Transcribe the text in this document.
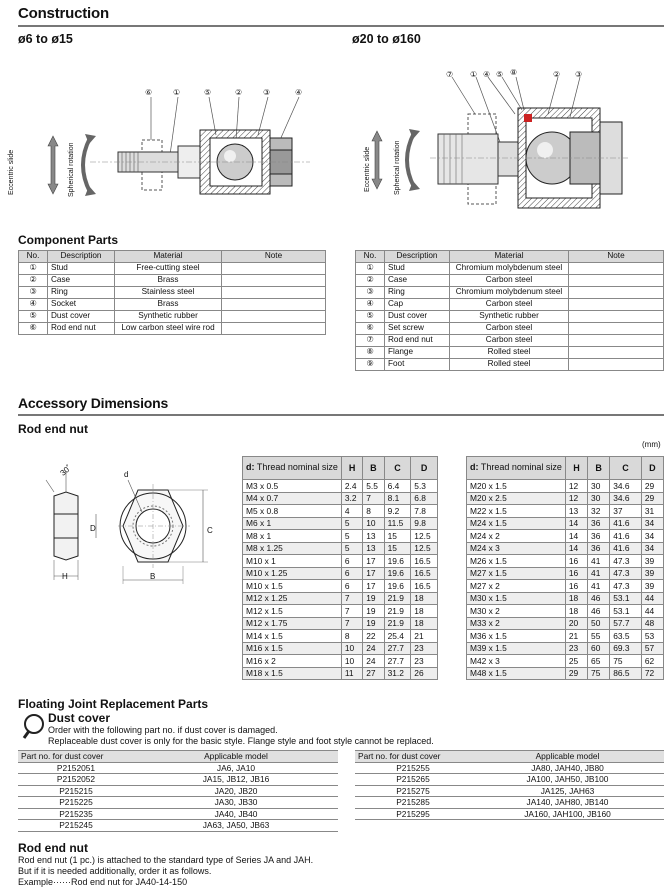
Construction
ø6 to ø15	ø20 to ø160
⑥	①	⑤	②	③	④
Eccentric slide	Spherical rotation
⑦ ① ④ ⑤ ⑧	② ③
Eccentric slide	Spherical rotation
Component Parts
No.	Description	Material	Note
①	Stud	Free-cutting steel	
②	Case	Brass	
③	Ring	Stainless steel	
④	Socket	Brass	
⑤	Dust cover	Synthetic rubber	
⑥	Rod end nut	Low carbon steel wire rod	
No.	Description	Material	Note
①	Stud	Chromium molybdenum steel	
②	Case	Carbon steel	
③	Ring	Chromium molybdenum steel	
④	Cap	Carbon steel	
⑤	Dust cover	Synthetic rubber	
⑥	Set screw	Carbon steel	
⑦	Rod end nut	Carbon steel	
⑧	Flange	Rolled steel	
⑨	Foot	Rolled steel	
Accessory Dimensions
Rod end nut
(mm)
30˚	d
D	C
H	B
d: Thread nominal size	H	B	C	D
M3 x 0.5	2.4	5.5	6.4	5.3
M4 x 0.7	3.2	7	8.1	6.8
M5 x 0.8	4	8	9.2	7.8
M6 x 1	5	10	11.5	9.8
M8 x 1	5	13	15	12.5
M8 x 1.25	5	13	15	12.5
M10 x 1	6	17	19.6	16.5
M10 x 1.25	6	17	19.6	16.5
M10 x 1.5	6	17	19.6	16.5
M12 x 1.25	7	19	21.9	18
M12 x 1.5	7	19	21.9	18
M12 x 1.75	7	19	21.9	18
M14 x 1.5	8	22	25.4	21
M16 x 1.5	10	24	27.7	23
M16 x 2	10	24	27.7	23
M18 x 1.5	11	27	31.2	26
d: Thread nominal size	H	B	C	D
M20 x 1.5	12	30	34.6	29
M20 x 2.5	12	30	34.6	29
M22 x 1.5	13	32	37	31
M24 x 1.5	14	36	41.6	34
M24 x 2	14	36	41.6	34
M24 x 3	14	36	41.6	34
M26 x 1.5	16	41	47.3	39
M27 x 1.5	16	41	47.3	39
M27 x 2	16	41	47.3	39
M30 x 1.5	18	46	53.1	44
M30 x 2	18	46	53.1	44
M33 x 2	20	50	57.7	48
M36 x 1.5	21	55	63.5	53
M39 x 1.5	23	60	69.3	57
M42 x 3	25	65	75	62
M48 x 1.5	29	75	86.5	72
Floating Joint Replacement Parts
Dust cover
Order with the following part no. if dust cover is damaged.
Replaceable dust cover is only for the basic style. Flange style and foot style cannot be replaced.
Part no. for dust cover	Applicable model
P2152051	JA6, JA10
P2152052	JA15, JB12, JB16
P215215	JA20, JB20
P215225	JA30, JB30
P215235	JA40, JB40
P215245	JA63, JA50, JB63
Part no. for dust cover	Applicable model
P215255	JA80, JAH40, JB80
P215265	JA100, JAH50, JB100
P215275	JA125, JAH63
P215285	JA140, JAH80, JB140
P215295	JA160, JAH100, JB160
Rod end nut
Rod end nut (1 pc.) is attached to the standard type of Series JA and JAH.
But if it is needed additionally, order it as follows.
Example······Rod end nut for JA40-14-150
